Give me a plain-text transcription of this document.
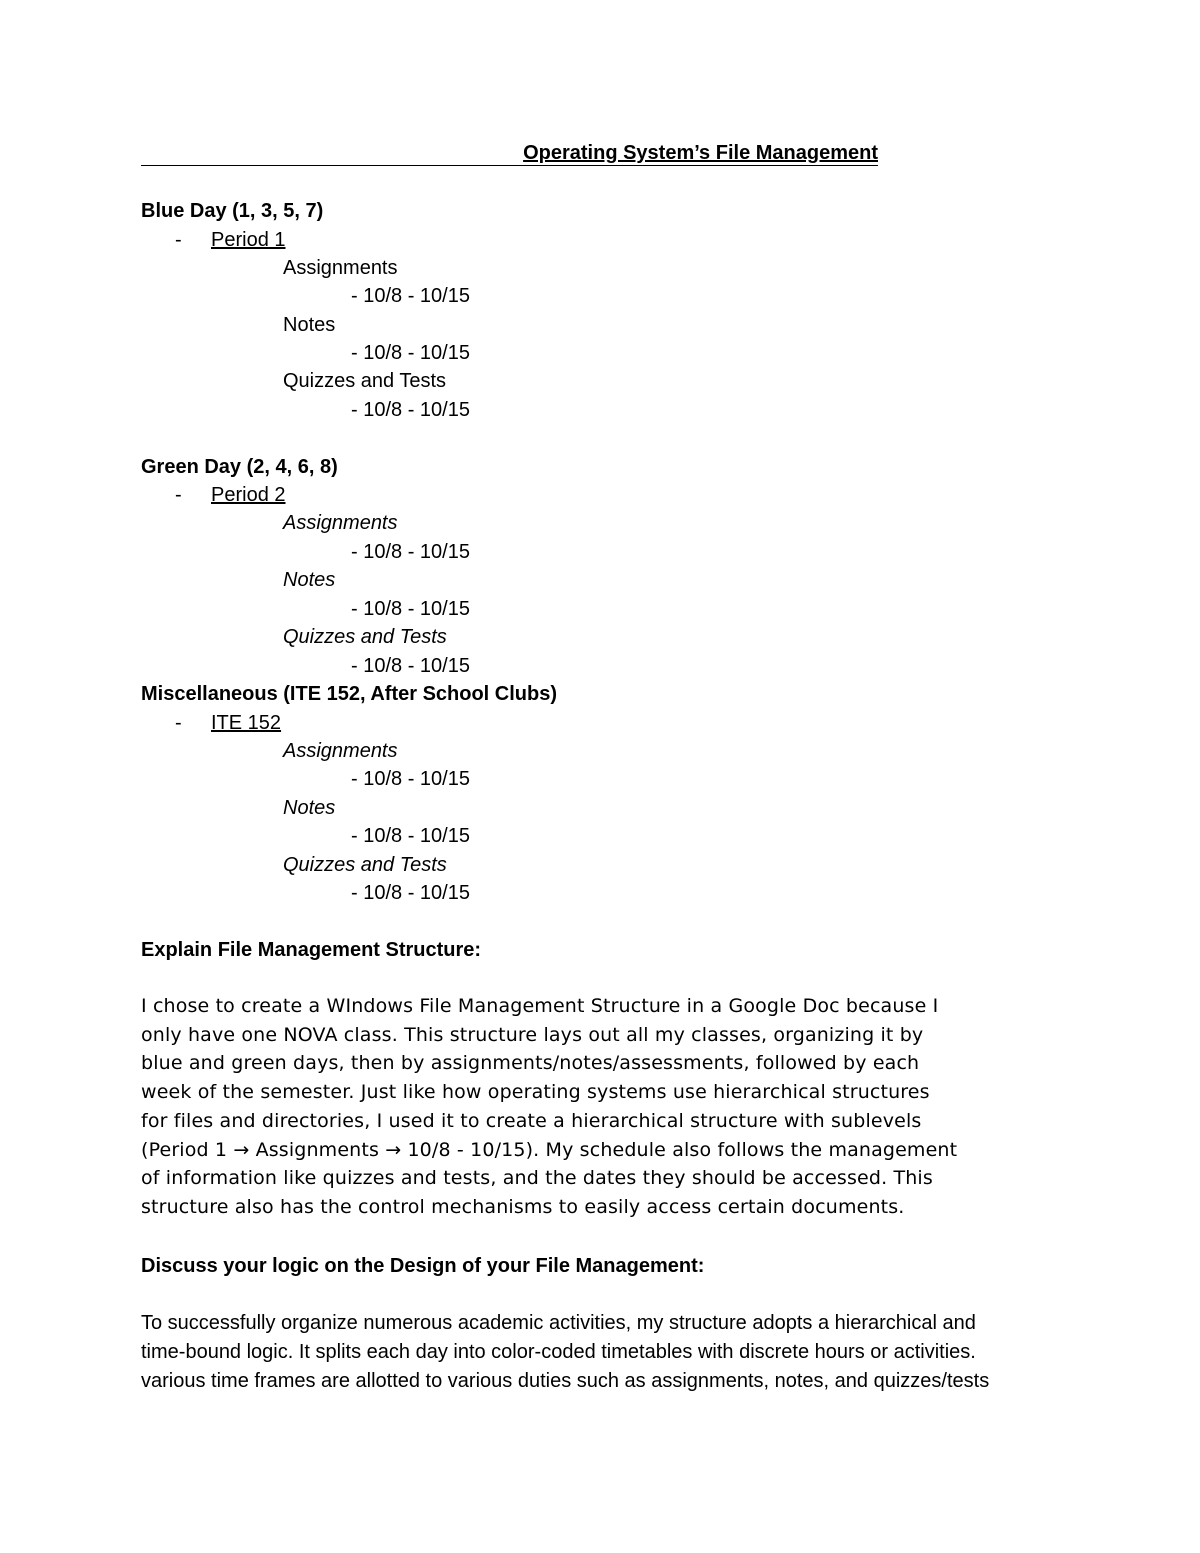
Operating System’s File Management
Blue Day (1, 3, 5, 7)
- Period 1
Assignments
- 10/8 - 10/15
Notes
- 10/8 - 10/15
Quizzes and Tests
- 10/8 - 10/15
Green Day (2, 4, 6, 8)
- Period 2
Assignments
- 10/8 - 10/15
Notes
- 10/8 - 10/15
Quizzes and Tests
- 10/8 - 10/15
Miscellaneous (ITE 152, After School Clubs)
- ITE 152
Assignments
- 10/8 - 10/15
Notes
- 10/8 - 10/15
Quizzes and Tests
- 10/8 - 10/15
Explain File Management Structure:
I chose to create a WIndows File Management Structure in a Google Doc because I
only have one NOVA class. This structure lays out all my classes, organizing it by
blue and green days, then by assignments/notes/assessments, followed by each
week of the semester. Just like how operating systems use hierarchical structures
for files and directories, I used it to create a hierarchical structure with sublevels
(Period 1 → Assignments → 10/8 - 10/15). My schedule also follows the management
of information like quizzes and tests, and the dates they should be accessed. This
structure also has the control mechanisms to easily access certain documents.
Discuss your logic on the Design of your File Management:
To successfully organize numerous academic activities, my structure adopts a hierarchical and
time-bound logic. It splits each day into color-coded timetables with discrete hours or activities.
various time frames are allotted to various duties such as assignments, notes, and quizzes/tests
